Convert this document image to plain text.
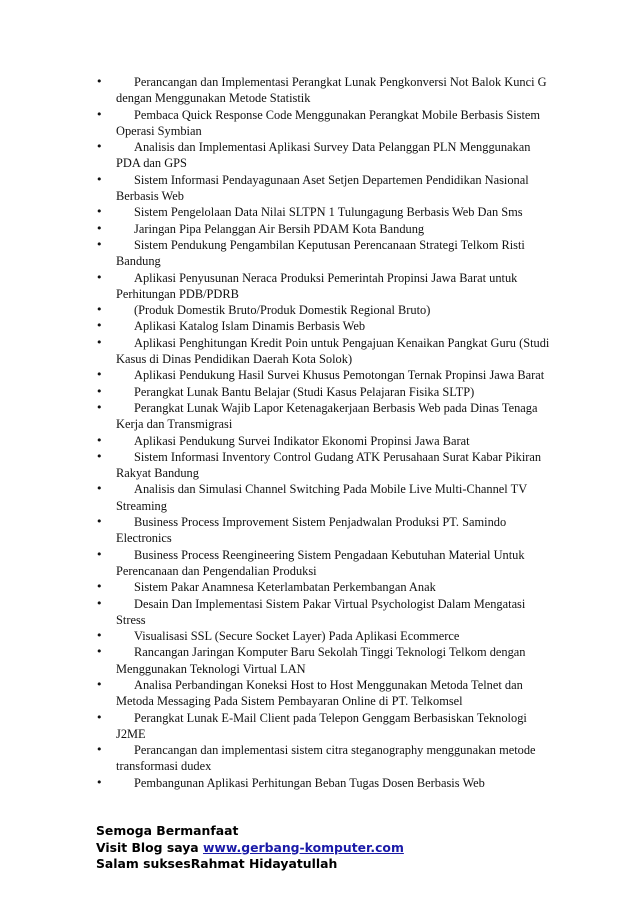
•	Perancangan dan Implementasi Perangkat Lunak Pengkonversi Not Balok Kunci G dengan Menggunakan Metode Statistik
•	Pembaca Quick Response Code Menggunakan Perangkat Mobile Berbasis Sistem Operasi Symbian
•	Analisis dan Implementasi Aplikasi Survey Data Pelanggan PLN Menggunakan PDA dan GPS
•	Sistem Informasi Pendayagunaan Aset Setjen Departemen Pendidikan Nasional Berbasis Web
•	Sistem Pengelolaan Data Nilai SLTPN 1 Tulungagung Berbasis Web Dan Sms
•	Jaringan Pipa Pelanggan Air Bersih PDAM Kota Bandung
•	Sistem Pendukung Pengambilan Keputusan Perencanaan Strategi Telkom Risti Bandung
•	Aplikasi Penyusunan Neraca Produksi Pemerintah Propinsi Jawa Barat untuk Perhitungan PDB/PDRB
•	(Produk Domestik Bruto/Produk Domestik Regional Bruto)
•	Aplikasi Katalog Islam Dinamis Berbasis Web
•	Aplikasi Penghitungan Kredit Poin untuk Pengajuan Kenaikan Pangkat Guru (Studi Kasus di Dinas Pendidikan Daerah Kota Solok)
•	Aplikasi Pendukung Hasil Survei Khusus Pemotongan Ternak Propinsi Jawa Barat
•	Perangkat Lunak Bantu Belajar (Studi Kasus Pelajaran Fisika SLTP)
•	Perangkat Lunak Wajib Lapor Ketenagakerjaan Berbasis Web pada Dinas Tenaga Kerja dan Transmigrasi
•	Aplikasi Pendukung Survei Indikator Ekonomi Propinsi Jawa Barat
•	Sistem Informasi Inventory Control Gudang ATK Perusahaan Surat Kabar Pikiran Rakyat Bandung
•	Analisis dan Simulasi Channel Switching Pada Mobile Live Multi-Channel TV Streaming
•	Business Process Improvement Sistem Penjadwalan Produksi PT. Samindo Electronics
•	Business Process Reengineering Sistem Pengadaan Kebutuhan Material Untuk Perencanaan dan Pengendalian Produksi
•	Sistem Pakar Anamnesa Keterlambatan Perkembangan Anak
•	Desain Dan Implementasi Sistem Pakar Virtual Psychologist Dalam Mengatasi Stress
•	Visualisasi SSL (Secure Socket Layer) Pada Aplikasi Ecommerce
•	Rancangan Jaringan Komputer Baru Sekolah Tinggi Teknologi Telkom dengan Menggunakan Teknologi Virtual LAN
•	Analisa Perbandingan Koneksi Host to Host Menggunakan Metoda Telnet dan Metoda Messaging Pada Sistem Pembayaran Online di PT. Telkomsel
•	Perangkat Lunak E-Mail Client pada Telepon Genggam Berbasiskan Teknologi J2ME
•	Perancangan dan implementasi sistem citra steganography menggunakan metode transformasi dudex
•	Pembangunan Aplikasi Perhitungan Beban Tugas Dosen Berbasis Web
Semoga Bermanfaat
Visit Blog saya www.gerbang-komputer.com
Salam suksesRahmat Hidayatullah
